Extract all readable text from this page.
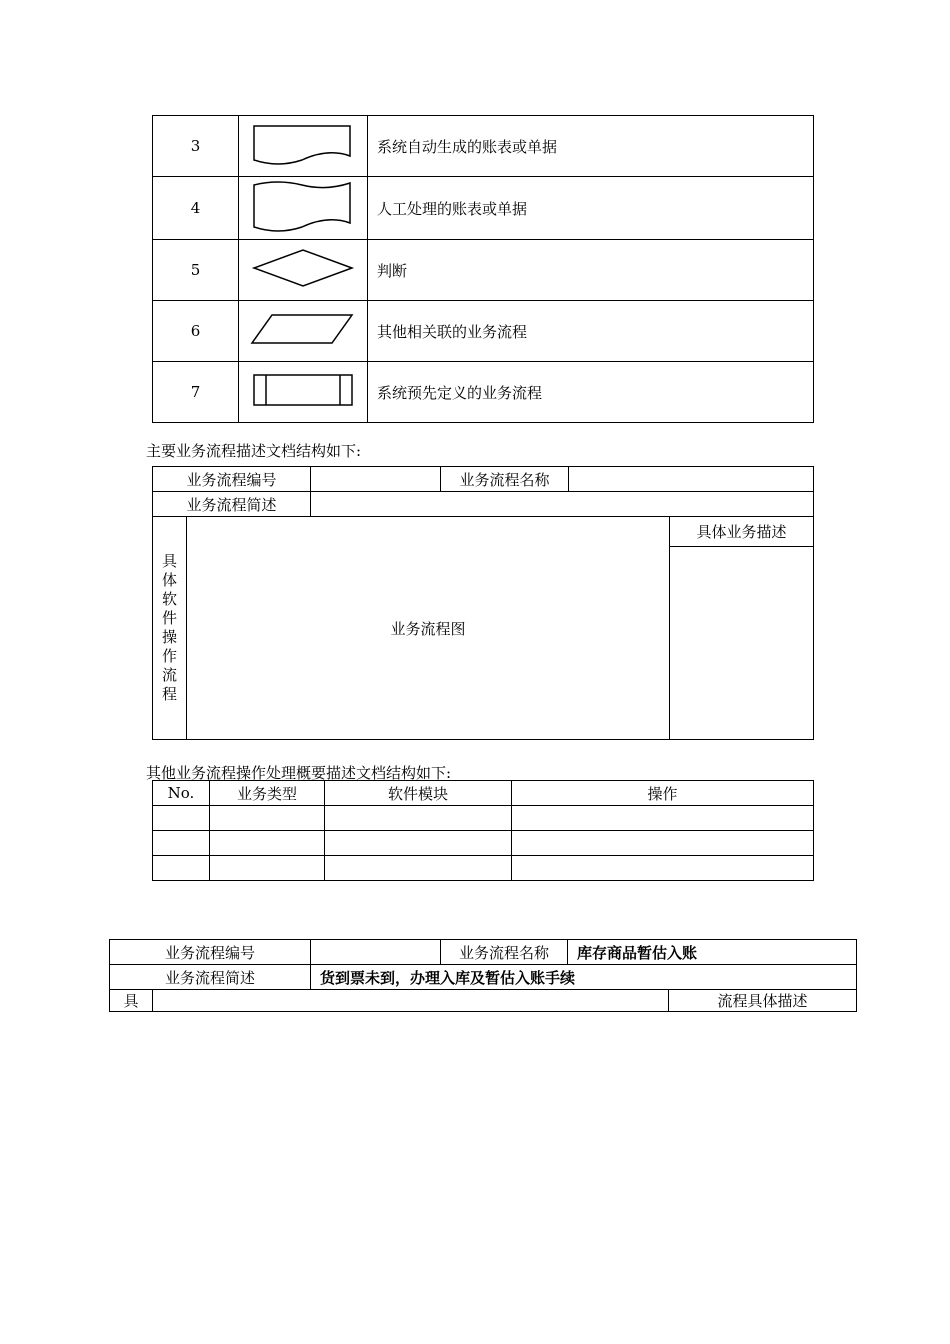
3		系统自动生成的账表或单据
4		人工处理的账表或单据
5		判断
6		其他相关联的业务流程
7		系统预先定义的业务流程

主要业务流程描述文档结构如下:

业务流程编号			业务流程名称		
业务流程简述					

具体软件操作流程	业务流程图				具体业务描述

其他业务流程操作处理概要描述文档结构如下:

No.	业务类型	软件模块	操作

业务流程编号			业务流程名称	库存商品暂估入账	
业务流程简述		货到票未到，办理入库及暂估入账手续			
具					流程具体描述
